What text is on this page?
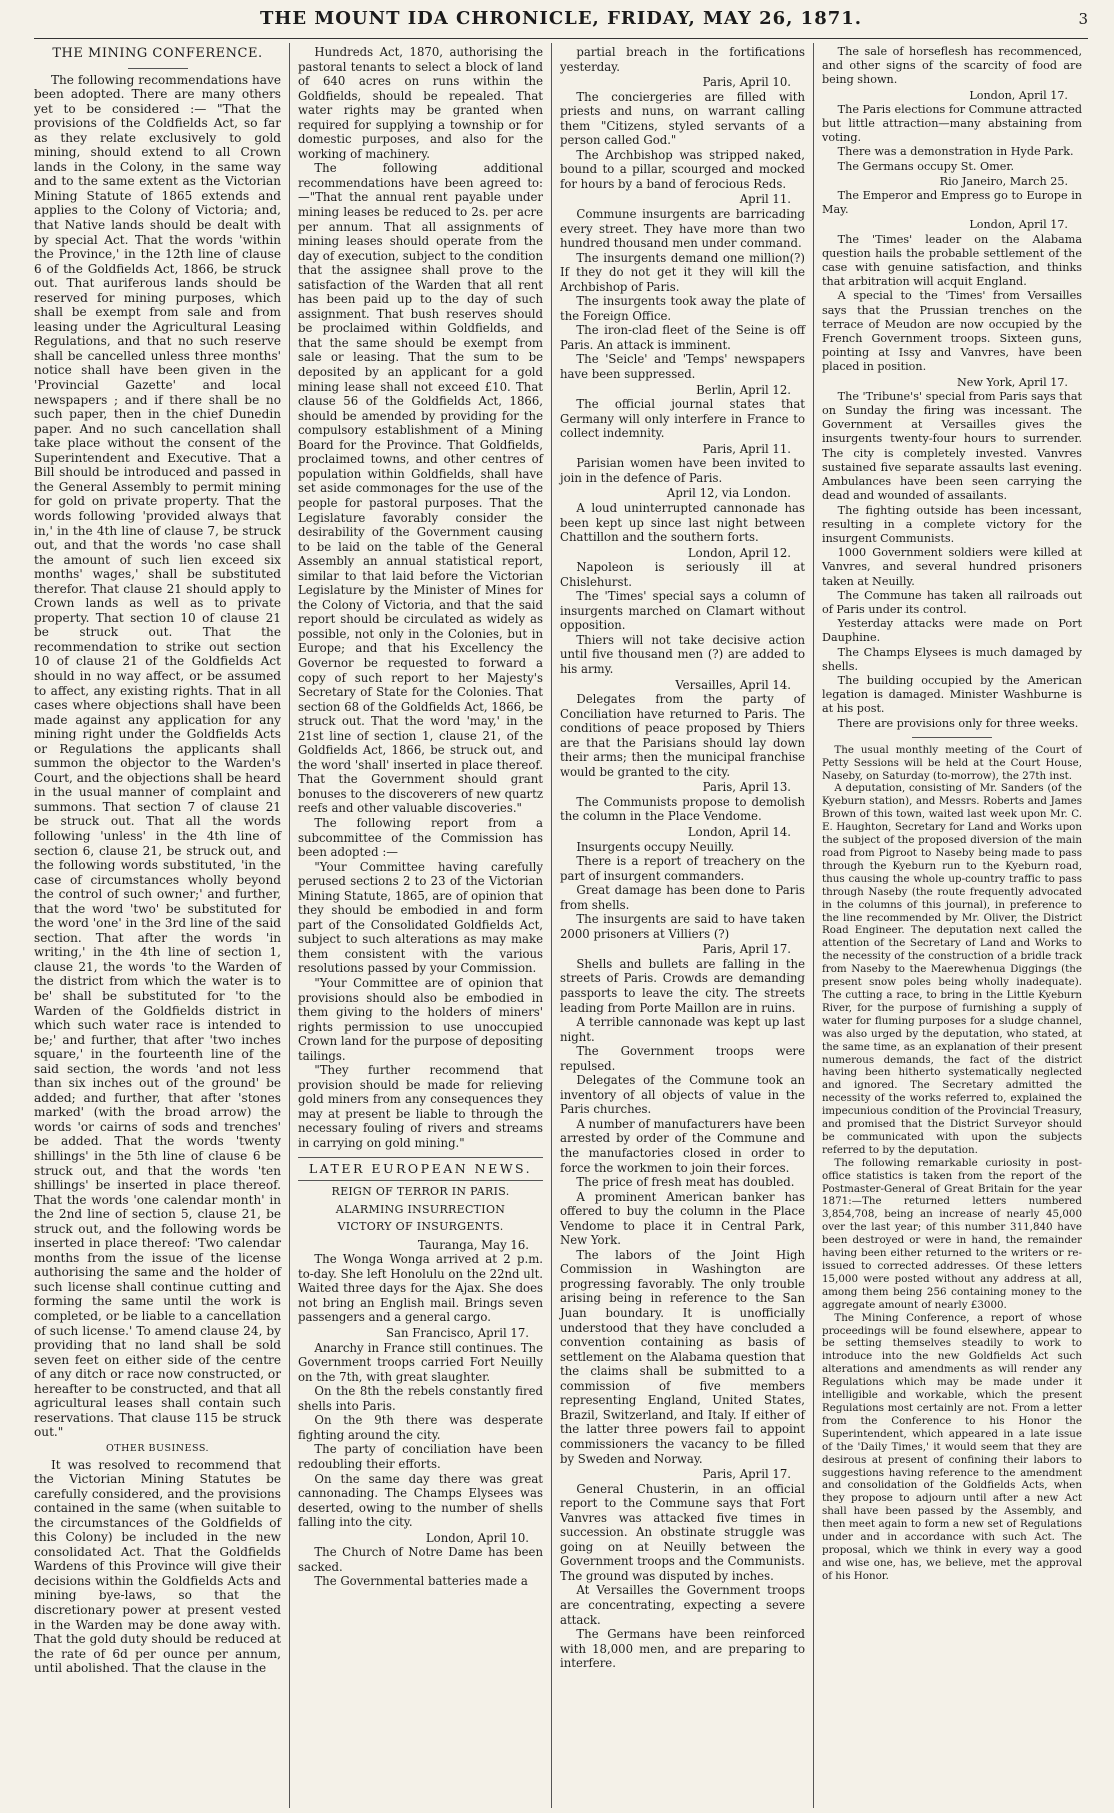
THE MOUNT IDA CHRONICLE, FRIDAY, MAY 26, 1871.	3
THE MINING CONFERENCE.

The following recommendations have been adopted. There are many others yet to be considered :— "That the provisions of the Coldfields Act, so far as they relate exclusively to gold mining, should extend to all Crown lands in the Colony, in the same way and to the same extent as the Victorian Mining Statute of 1865 extends and applies to the Colony of Victoria; and, that Native lands should be dealt with by special Act. That the words 'within the Province,' in the 12th line of clause 6 of the Goldfields Act, 1866, be struck out. That auriferous lands should be reserved for mining purposes, which shall be exempt from sale and from leasing under the Agricultural Leasing Regulations, and that no such reserve shall be cancelled unless three months' notice shall have been given in the 'Provincial Gazette' and local newspapers ; and if there shall be no such paper, then in the chief Dunedin paper. And no such cancellation shall take place without the consent of the Superintendent and Executive. That a Bill should be introduced and passed in the General Assembly to permit mining for gold on private property. That the words following 'provided always that in,' in the 4th line of clause 7, be struck out, and that the words 'no case shall the amount of such lien exceed six months' wages,' shall be substituted therefor. That clause 21 should apply to Crown lands as well as to private property. That section 10 of clause 21 be struck out. That the recommendation to strike out section 10 of clause 21 of the Goldfields Act should in no way affect, or be assumed to affect, any existing rights. That in all cases where objections shall have been made against any application for any mining right under the Goldfields Acts or Regulations the applicants shall summon the objector to the Warden's Court, and the objections shall be heard in the usual manner of complaint and summons. That section 7 of clause 21 be struck out. That all the words following 'unless' in the 4th line of section 6, clause 21, be struck out, and the following words substituted, 'in the case of circumstances wholly beyond the control of such owner;' and further, that the word 'two' be substituted for the word 'one' in the 3rd line of the said section. That after the words 'in writing,' in the 4th line of section 1, clause 21, the words 'to the Warden of the district from which the water is to be' shall be substituted for 'to the Warden of the Goldfields district in which such water race is intended to be;' and further, that after 'two inches square,' in the fourteenth line of the said section, the words 'and not less than six inches out of the ground' be added; and further, that after 'stones marked' (with the broad arrow) the words 'or cairns of sods and trenches' be added. That the words 'twenty shillings' in the 5th line of clause 6 be struck out, and that the words 'ten shillings' be inserted in place thereof. That the words 'one calendar month' in the 2nd line of section 5, clause 21, be struck out, and the following words be inserted in place thereof: 'Two calendar months from the issue of the license authorising the same and the holder of such license shall continue cutting and forming the same until the work is completed, or be liable to a cancellation of such license.' To amend clause 24, by providing that no land shall be sold seven feet on either side of the centre of any ditch or race now constructed, or hereafter to be constructed, and that all agricultural leases shall contain such reservations. That clause 115 be struck out."

OTHER BUSINESS.

It was resolved to recommend that the Victorian Mining Statutes be carefully considered, and the provisions contained in the same (when suitable to the circumstances of the Goldfields of this Colony) be included in the new consolidated Act. That the Goldfields Wardens of this Province will give their decisions within the Goldfields Acts and mining bye-laws, so that the discretionary power at present vested in the Warden may be done away with. That the gold duty should be reduced at the rate of 6d per ounce per annum, until abolished. That the clause in the

Hundreds Act, 1870, authorising the pastoral tenants to select a block of land of 640 acres on runs within the Goldfields, should be repealed. That water rights may be granted when required for supplying a township or for domestic purposes, and also for the working of machinery.

The following additional recommendations have been agreed to:—"That the annual rent payable under mining leases be reduced to 2s. per acre per annum. That all assignments of mining leases should operate from the day of execution, subject to the condition that the assignee shall prove to the satisfaction of the Warden that all rent has been paid up to the day of such assignment. That bush reserves should be proclaimed within Goldfields, and that the same should be exempt from sale or leasing. That the sum to be deposited by an applicant for a gold mining lease shall not exceed £10. That clause 56 of the Goldfields Act, 1866, should be amended by providing for the compulsory establishment of a Mining Board for the Province. That Goldfields, proclaimed towns, and other centres of population within Goldfields, shall have set aside commonages for the use of the people for pastoral purposes. That the Legislature favorably consider the desirability of the Government causing to be laid on the table of the General Assembly an annual statistical report, similar to that laid before the Victorian Legislature by the Minister of Mines for the Colony of Victoria, and that the said report should be circulated as widely as possible, not only in the Colonies, but in Europe; and that his Excellency the Governor be requested to forward a copy of such report to her Majesty's Secretary of State for the Colonies. That section 68 of the Goldfields Act, 1866, be struck out. That the word 'may,' in the 21st line of section 1, clause 21, of the Goldfields Act, 1866, be struck out, and the word 'shall' inserted in place thereof. That the Government should grant bonuses to the discoverers of new quartz reefs and other valuable discoveries."

The following report from a subcommittee of the Commission has been adopted :—

"Your Committee having carefully perused sections 2 to 23 of the Victorian Mining Statute, 1865, are of opinion that they should be embodied in and form part of the Consolidated Goldfields Act, subject to such alterations as may make them consistent with the various resolutions passed by your Commission.

"Your Committee are of opinion that provisions should also be embodied in them giving to the holders of miners' rights permission to use unoccupied Crown land for the purpose of depositing tailings.

"They further recommend that provision should be made for relieving gold miners from any consequences they may at present be liable to through the necessary fouling of rivers and streams in carrying on gold mining."

LATER EUROPEAN NEWS.
REIGN OF TERROR IN PARIS.
ALARMING INSURRECTION
VICTORY OF INSURGENTS.

Tauranga, May 16.

The Wonga Wonga arrived at 2 p.m. to-day. She left Honolulu on the 22nd ult. Waited three days for the Ajax. She does not bring an English mail. Brings seven passengers and a general cargo.

San Francisco, April 17.

Anarchy in France still continues. The Government troops carried Fort Neuilly on the 7th, with great slaughter.

On the 8th the rebels constantly fired shells into Paris.

On the 9th there was desperate fighting around the city.

The party of conciliation have been redoubling their efforts.

On the same day there was great cannonading. The Champs Elysees was deserted, owing to the number of shells falling into the city.

London, April 10.

The Church of Notre Dame has been sacked.

The Governmental batteries made a

partial breach in the fortifications yesterday.

Paris, April 10.

The conciergeries are filled with priests and nuns, on warrant calling them "Citizens, styled servants of a person called God."

The Archbishop was stripped naked, bound to a pillar, scourged and mocked for hours by a band of ferocious Reds.

April 11.

Commune insurgents are barricading every street. They have more than two hundred thousand men under command.

The insurgents demand one million(?) If they do not get it they will kill the Archbishop of Paris.

The insurgents took away the plate of the Foreign Office.

The iron-clad fleet of the Seine is off Paris. An attack is imminent.

The 'Seicle' and 'Temps' newspapers have been suppressed.

Berlin, April 12.

The official journal states that Germany will only interfere in France to collect indemnity.

Paris, April 11.

Parisian women have been invited to join in the defence of Paris.

April 12, via London.

A loud uninterrupted cannonade has been kept up since last night between Chattillon and the southern forts.

London, April 12.

Napoleon is seriously ill at Chislehurst.

The 'Times' special says a column of insurgents marched on Clamart without opposition.

Thiers will not take decisive action until five thousand men (?) are added to his army.

Versailles, April 14.

Delegates from the party of Conciliation have returned to Paris. The conditions of peace proposed by Thiers are that the Parisians should lay down their arms; then the municipal franchise would be granted to the city.

Paris, April 13.

The Communists propose to demolish the column in the Place Vendome.

London, April 14.

Insurgents occupy Neuilly.

There is a report of treachery on the part of insurgent commanders.

Great damage has been done to Paris from shells.

The insurgents are said to have taken 2000 prisoners at Villiers (?)

Paris, April 17.

Shells and bullets are falling in the streets of Paris. Crowds are demanding passports to leave the city. The streets leading from Porte Maillon are in ruins.

A terrible cannonade was kept up last night.

The Government troops were repulsed.

Delegates of the Commune took an inventory of all objects of value in the Paris churches.

A number of manufacturers have been arrested by order of the Commune and the manufactories closed in order to force the workmen to join their forces.

The price of fresh meat has doubled.

A prominent American banker has offered to buy the column in the Place Vendome to place it in Central Park, New York.

The labors of the Joint High Commission in Washington are progressing favorably. The only trouble arising being in reference to the San Juan boundary. It is unofficially understood that they have concluded a convention containing as basis of settlement on the Alabama question that the claims shall be submitted to a commission of five members representing England, United States, Brazil, Switzerland, and Italy. If either of the latter three powers fail to appoint commissioners the vacancy to be filled by Sweden and Norway.

Paris, April 17.

General Chusterin, in an official report to the Commune says that Fort Vanvres was attacked five times in succession. An obstinate struggle was going on at Neuilly between the Government troops and the Communists. The ground was disputed by inches.

At Versailles the Government troops are concentrating, expecting a severe attack.

The Germans have been reinforced with 18,000 men, and are preparing to interfere.

The sale of horseflesh has recommenced, and other signs of the scarcity of food are being shown.

London, April 17.

The Paris elections for Commune attracted but little attraction—many abstaining from voting.

There was a demonstration in Hyde Park.

The Germans occupy St. Omer.

Rio Janeiro, March 25.

The Emperor and Empress go to Europe in May.

London, April 17.

The 'Times' leader on the Alabama question hails the probable settlement of the case with genuine satisfaction, and thinks that arbitration will acquit England.

A special to the 'Times' from Versailles says that the Prussian trenches on the terrace of Meudon are now occupied by the French Government troops. Sixteen guns, pointing at Issy and Vanvres, have been placed in position.

New York, April 17.

The 'Tribune's' special from Paris says that on Sunday the firing was incessant. The Government at Versailles gives the insurgents twenty-four hours to surrender. The city is completely invested. Vanvres sustained five separate assaults last evening. Ambulances have been seen carrying the dead and wounded of assailants.

The fighting outside has been incessant, resulting in a complete victory for the insurgent Communists.

1000 Government soldiers were killed at Vanvres, and several hundred prisoners taken at Neuilly.

The Commune has taken all railroads out of Paris under its control.

Yesterday attacks were made on Port Dauphine.

The Champs Elysees is much damaged by shells.

The building occupied by the American legation is damaged. Minister Washburne is at his post.

There are provisions only for three weeks.

The usual monthly meeting of the Court of Petty Sessions will be held at the Court House, Naseby, on Saturday (to-morrow), the 27th inst.

A deputation, consisting of Mr. Sanders (of the Kyeburn station), and Messrs. Roberts and James Brown of this town, waited last week upon Mr. C. E. Haughton, Secretary for Land and Works upon the subject of the proposed diversion of the main road from Pigroot to Naseby being made to pass through the Kyeburn run to the Kyeburn road, thus causing the whole up-country traffic to pass through Naseby (the route frequently advocated in the columns of this journal), in preference to the line recommended by Mr. Oliver, the District Road Engineer. The deputation next called the attention of the Secretary of Land and Works to the necessity of the construction of a bridle track from Naseby to the Maerewhenua Diggings (the present snow poles being wholly inadequate). The cutting a race, to bring in the Little Kyeburn River, for the purpose of furnishing a supply of water for fluming purposes for a sludge channel, was also urged by the deputation, who stated, at the same time, as an explanation of their present numerous demands, the fact of the district having been hitherto systematically neglected and ignored. The Secretary admitted the necessity of the works referred to, explained the impecunious condition of the Provincial Treasury, and promised that the District Surveyor should be communicated with upon the subjects referred to by the deputation.

The following remarkable curiosity in post-office statistics is taken from the report of the Postmaster-General of Great Britain for the year 1871:—The returned letters numbered 3,854,708, being an increase of nearly 45,000 over the last year; of this number 311,840 have been destroyed or were in hand, the remainder having been either returned to the writers or re-issued to corrected addresses. Of these letters 15,000 were posted without any address at all, among them being 256 containing money to the aggregate amount of nearly £3000.

The Mining Conference, a report of whose proceedings will be found elsewhere, appear to be setting themselves steadily to work to introduce into the new Goldfields Act such alterations and amendments as will render any Regulations which may be made under it intelligible and workable, which the present Regulations most certainly are not. From a letter from the Conference to his Honor the Superintendent, which appeared in a late issue of the 'Daily Times,' it would seem that they are desirous at present of confining their labors to suggestions having reference to the amendment and consolidation of the Goldfields Acts, when they propose to adjourn until after a new Act shall have been passed by the Assembly, and then meet again to form a new set of Regulations under and in accordance with such Act. The proposal, which we think in every way a good and wise one, has, we believe, met the approval of his Honor.
